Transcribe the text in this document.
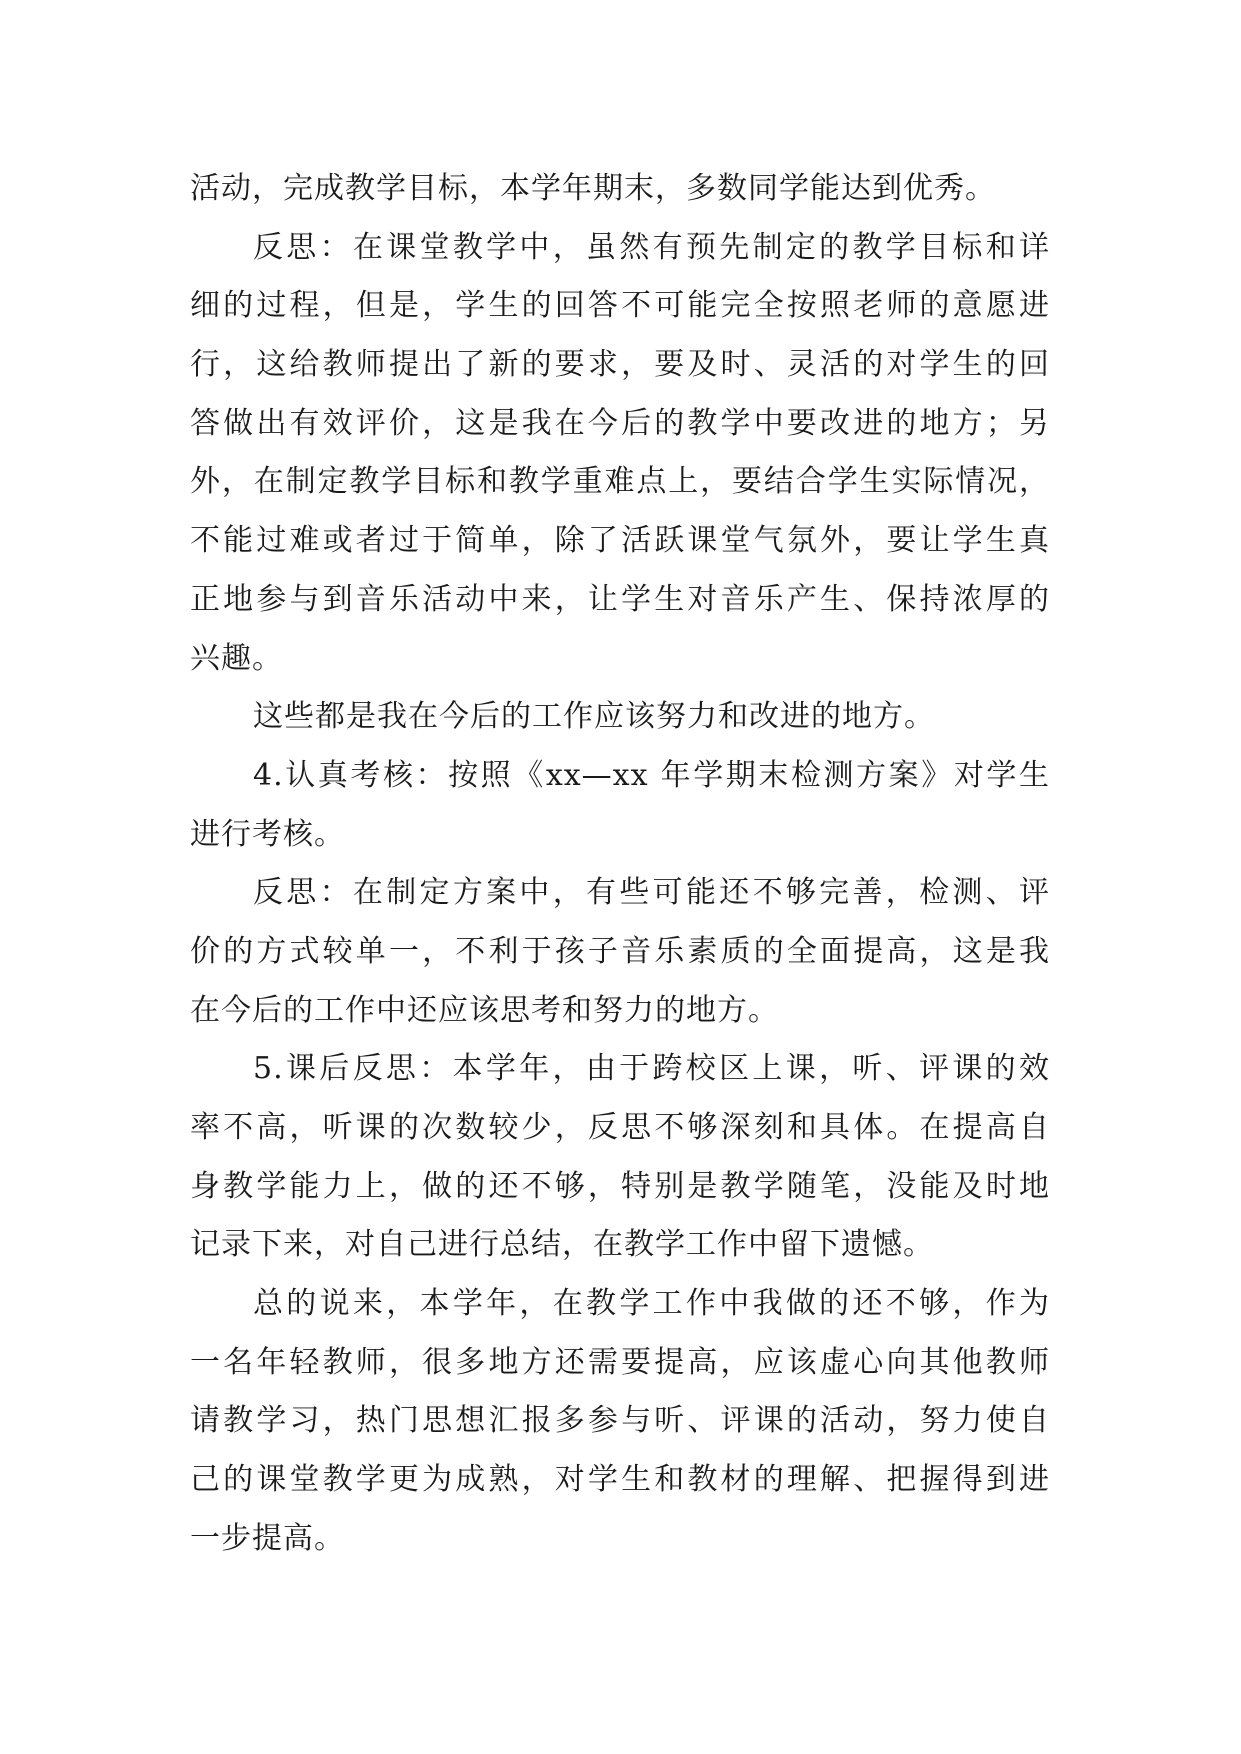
活动，完成教学目标，本学年期末，多数同学能达到优秀。
反思：在课堂教学中，虽然有预先制定的教学目标和详
细的过程，但是，学生的回答不可能完全按照老师的意愿进
行，这给教师提出了新的要求，要及时、灵活的对学生的回
答做出有效评价，这是我在今后的教学中要改进的地方；另
外，在制定教学目标和教学重难点上，要结合学生实际情况，
不能过难或者过于简单，除了活跃课堂气氛外，要让学生真
正地参与到音乐活动中来，让学生对音乐产生、保持浓厚的
兴趣。
这些都是我在今后的工作应该努力和改进的地方。
4.认真考核：按照《xx—xx 年学期末检测方案》对学生
进行考核。
反思：在制定方案中，有些可能还不够完善，检测、评
价的方式较单一，不利于孩子音乐素质的全面提高，这是我
在今后的工作中还应该思考和努力的地方。
5.课后反思：本学年，由于跨校区上课，听、评课的效
率不高，听课的次数较少，反思不够深刻和具体。在提高自
身教学能力上，做的还不够，特别是教学随笔，没能及时地
记录下来，对自己进行总结，在教学工作中留下遗憾。
总的说来，本学年，在教学工作中我做的还不够，作为
一名年轻教师，很多地方还需要提高，应该虚心向其他教师
请教学习，热门思想汇报多参与听、评课的活动，努力使自
己的课堂教学更为成熟，对学生和教材的理解、把握得到进
一步提高。
